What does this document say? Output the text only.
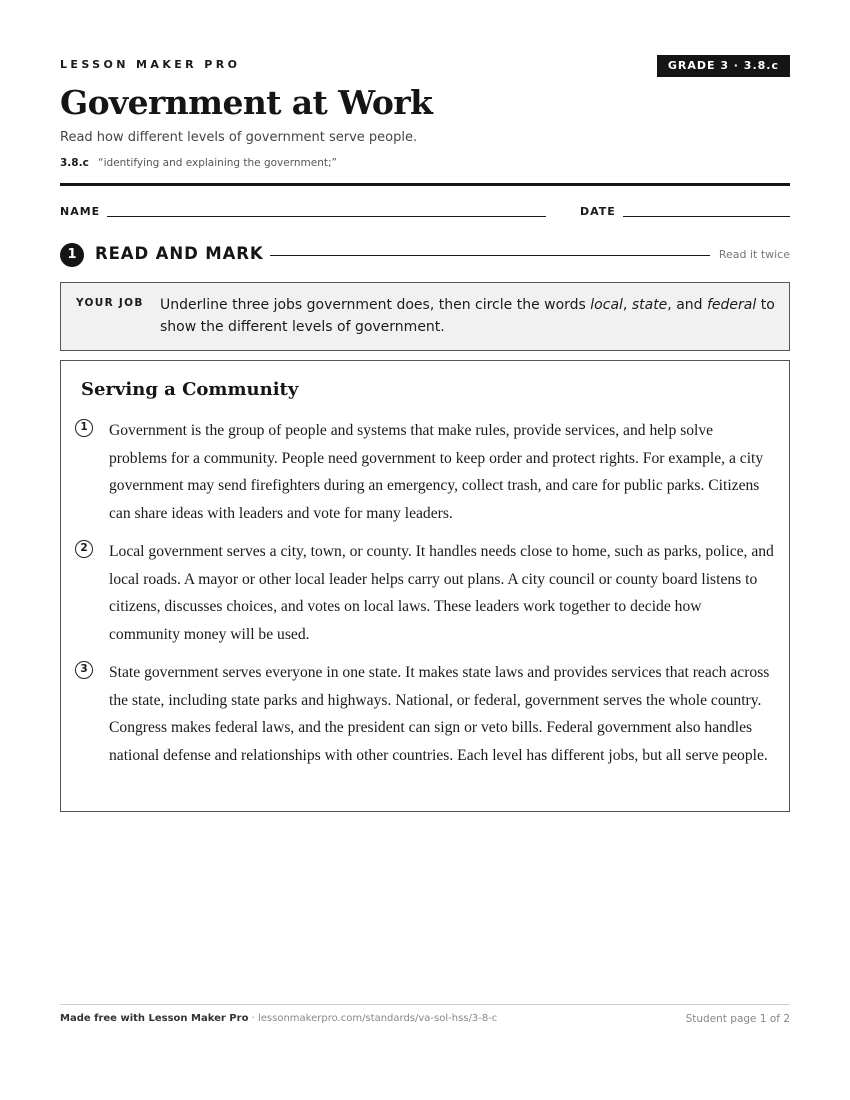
LESSON MAKER PRO	GRADE 3 · 3.8.c
Government at Work
Read how different levels of government serve people.
3.8.c “identifying and explaining the government;”
NAME	DATE
1	READ AND MARK	Read it twice
YOUR JOB Underline three jobs government does, then circle the words local, state, and federal to show the different levels of government.
Serving a Community
1	Government is the group of people and systems that make rules, provide services, and help solve problems for a community. People need government to keep order and protect rights. For example, a city government may send firefighters during an emergency, collect trash, and care for public parks. Citizens can share ideas with leaders and vote for many leaders.

2	Local government serves a city, town, or county. It handles needs close to home, such as parks, police, and local roads. A mayor or other local leader helps carry out plans. A city council or county board listens to citizens, discusses choices, and votes on local laws. These leaders work together to decide how community money will be used.

3	State government serves everyone in one state. It makes state laws and provides services that reach across the state, including state parks and highways. National, or federal, government serves the whole country. Congress makes federal laws, and the president can sign or veto bills. Federal government also handles national defense and relationships with other countries. Each level has different jobs, but all serve people.

Made free with Lesson Maker Pro · lessonmakerpro.com/standards/va-sol-hss/3-8-c	Student page 1 of 2
